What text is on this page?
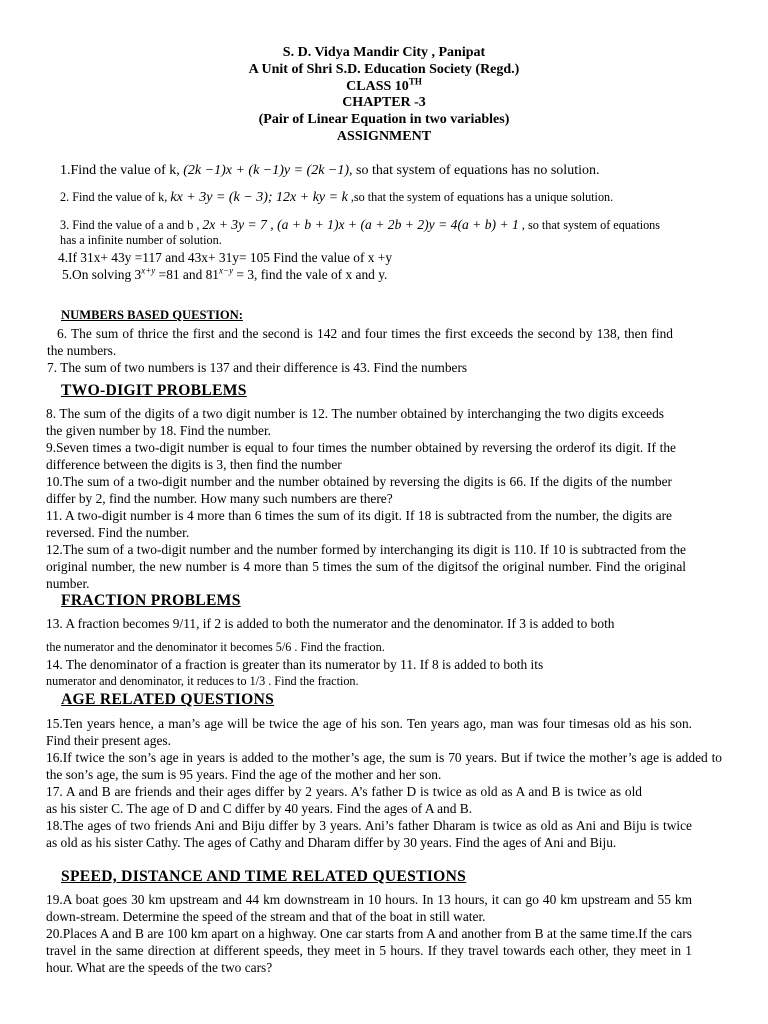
S. D. Vidya Mandir City , Panipat
A Unit of Shri S.D. Education Society (Regd.)
CLASS 10TH
CHAPTER -3
(Pair of Linear Equation in two variables)
ASSIGNMENT
1.Find the value of k, (2k −1)x + (k −1)y = (2k −1), so that system of equations has no solution.
2. Find the value of k, kx + 3y = (k − 3); 12x + ky = k ,so that the system of equations has a unique solution.
3. Find the value of a and b , 2x + 3y = 7 , (a + b + 1)x + (a + 2b + 2)y = 4(a + b) + 1 , so that system of equations
has a infinite number of solution.
4.If 31x+ 43y =117 and 43x+ 31y= 105 Find the value of x +y
5.On solving $3^{x+y} =81$ and $81^{x-y} = 3$, find the vale of x and y.
NUMBERS BASED QUESTION:
6. The sum of thrice the first and the second is 142 and four times the first exceeds the second by 138, then find the numbers.
7. The sum of two numbers is 137 and their difference is 43. Find the numbers
TWO-DIGIT PROBLEMS
8. The sum of the digits of a two digit number is 12. The number obtained by interchanging the two digits exceeds the given number by 18. Find the number.
9.Seven times a two-digit number is equal to four times the number obtained by reversing the orderof its digit. If the difference between the digits is 3, then find the number
10.The sum of a two-digit number and the number obtained by reversing the digits is 66. If the digits of the number differ by 2, find the number. How many such numbers are there?
11. A two-digit number is 4 more than 6 times the sum of its digit. If 18 is subtracted from the number, the digits are reversed. Find the number.
12.The sum of a two-digit number and the number formed by interchanging its digit is 110. If 10 is subtracted from the original number, the new number is 4 more than 5 times the sum of the digitsof the original number. Find the original number.
FRACTION PROBLEMS
13. A fraction becomes 9/11, if 2 is added to both the numerator and the denominator. If 3 is added to both
the numerator and the denominator it becomes 5/6 . Find the fraction.
14. The denominator of a fraction is greater than its numerator by 11. If 8 is added to both its
numerator and denominator, it reduces to 1/3 . Find the fraction.
AGE RELATED QUESTIONS
15.Ten years hence, a man’s age will be twice the age of his son. Ten years ago, man was four timesas old as his son. Find their present ages.
16.If twice the son’s age in years is added to the mother’s age, the sum is 70 years. But if twice the mother’s age is added to the son’s age, the sum is 95 years. Find the age of the mother and her son.
17. A and B are friends and their ages differ by 2 years. A’s father D is twice as old as A and B is twice as old as his sister C. The age of D and C differ by 40 years. Find the ages of A and B.
18.The ages of two friends Ani and Biju differ by 3 years. Ani’s father Dharam is twice as old as Ani and Biju is twice as old as his sister Cathy. The ages of Cathy and Dharam differ by 30 years. Find the ages of Ani and Biju.
SPEED, DISTANCE AND TIME RELATED QUESTIONS
19.A boat goes 30 km upstream and 44 km downstream in 10 hours. In 13 hours, it can go 40 km upstream and 55 km down-stream. Determine the speed of the stream and that of the boat in still water.
20.Places A and B are 100 km apart on a highway. One car starts from A and another from B at the same time.If the cars travel in the same direction at different speeds, they meet in 5 hours. If they travel towards each other, they meet in 1 hour. What are the speeds of the two cars?
